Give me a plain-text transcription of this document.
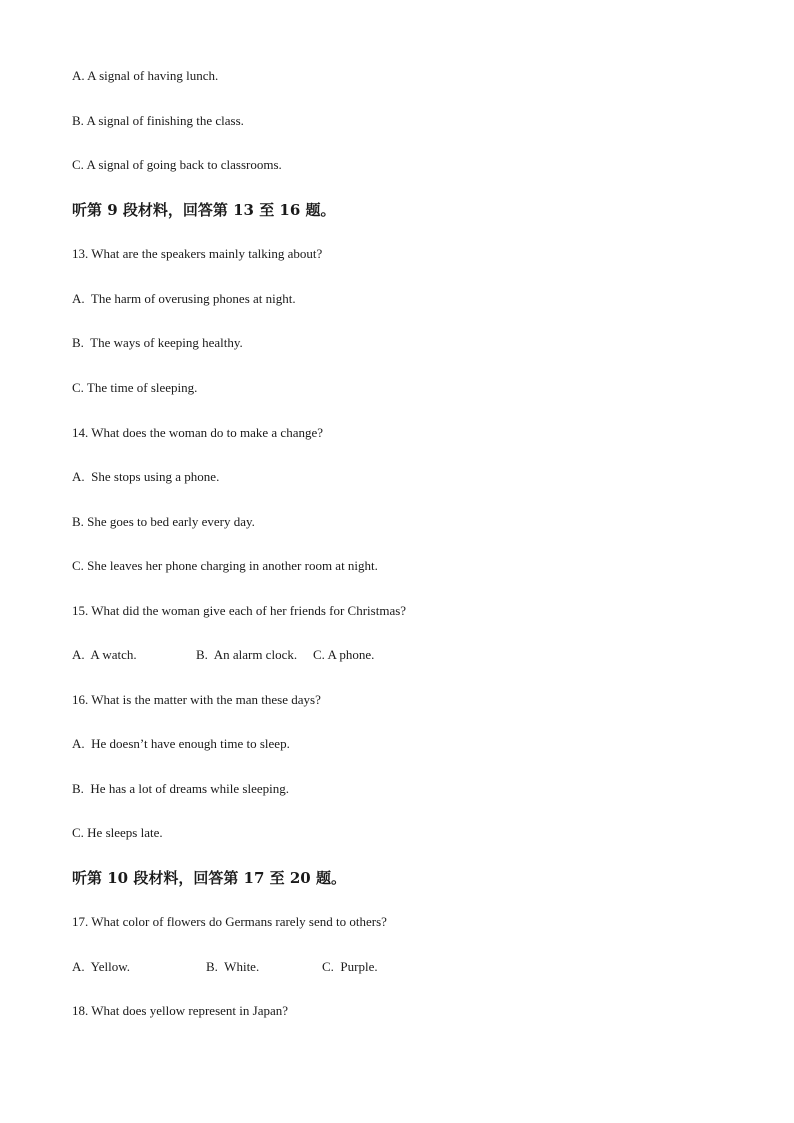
A. A signal of having lunch.
B. A signal of finishing the class.
C. A signal of going back to classrooms.
听第 9 段材料，回答第 13 至 16 题。
13. What are the speakers mainly talking about?
A.  The harm of overusing phones at night.
B.  The ways of keeping healthy.
C. The time of sleeping.
14. What does the woman do to make a change?
A.  She stops using a phone.
B. She goes to bed early every day.
C. She leaves her phone charging in another room at night.
15. What did the woman give each of her friends for Christmas?
A.  A watch.	B.  An alarm clock. C. A phone.
16. What is the matter with the man these days?
A.  He doesn’t have enough time to sleep.
B.  He has a lot of dreams while sleeping.
C. He sleeps late.
听第 10 段材料，回答第 17 至 20 题。
17. What color of flowers do Germans rarely send to others?
A.  Yellow.	B.  White.	C.  Purple.
18. What does yellow represent in Japan?
